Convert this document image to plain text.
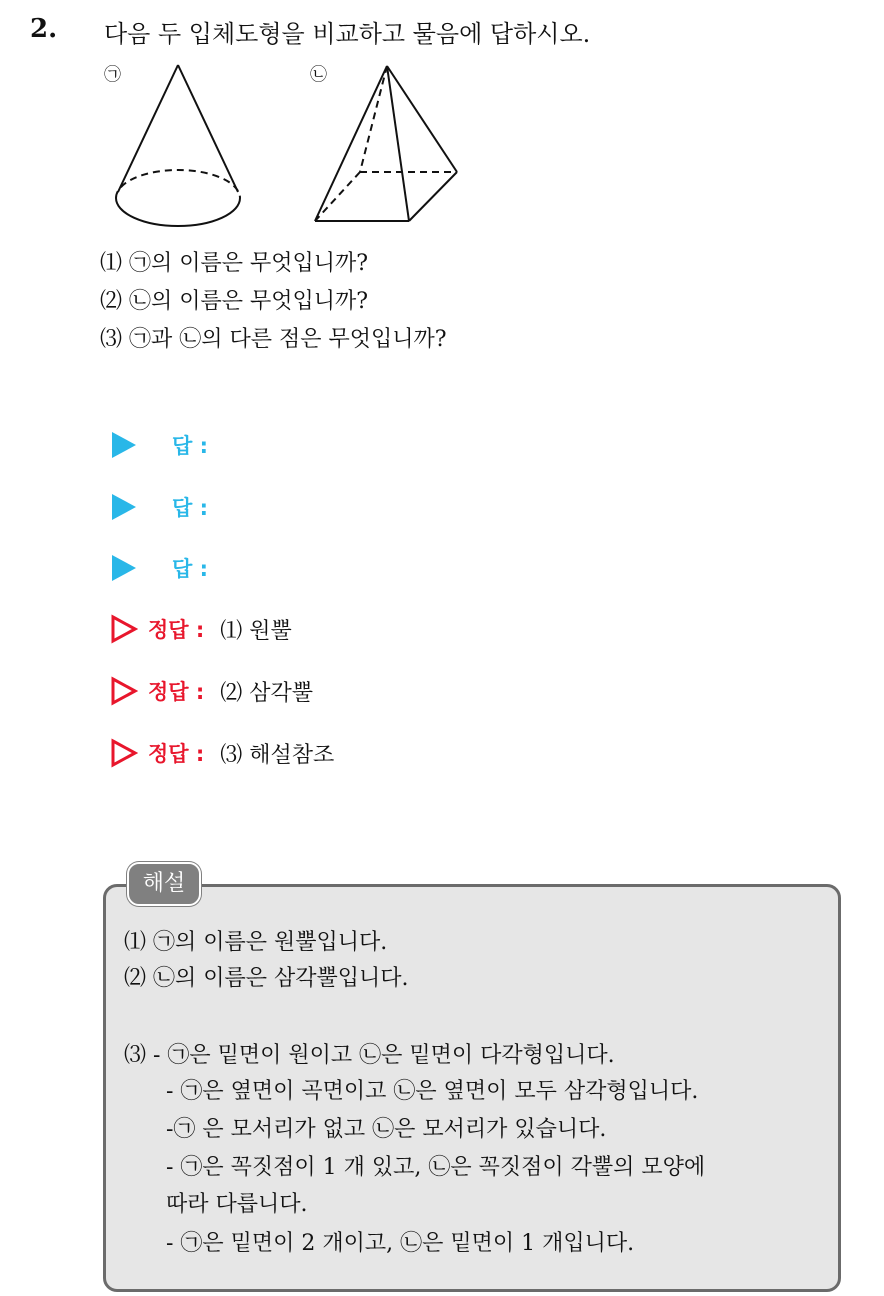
2. 다음 두 입체도형을 비교하고 물음에 답하시오.
㉠	㉡
⑴ ㉠의 이름은 무엇입니까?
⑵ ㉡의 이름은 무엇입니까?
⑶ ㉠과 ㉡의 다른 점은 무엇입니까?
답 :
답 :
답 :
정답 : ⑴ 원뿔
정답 : ⑵ 삼각뿔
정답 : ⑶ 해설참조
해설
⑴ ㉠의 이름은 원뿔입니다.
⑵ ㉡의 이름은 삼각뿔입니다.
⑶ - ㉠은 밑면이 원이고 ㉡은 밑면이 다각형입니다.
- ㉠은 옆면이 곡면이고 ㉡은 옆면이 모두 삼각형입니다.
-㉠ 은 모서리가 없고 ㉡은 모서리가 있습니다.
- ㉠은 꼭짓점이 1 개 있고, ㉡은 꼭짓점이 각뿔의 모양에
따라 다릅니다.
- ㉠은 밑면이 2 개이고, ㉡은 밑면이 1 개입니다.
